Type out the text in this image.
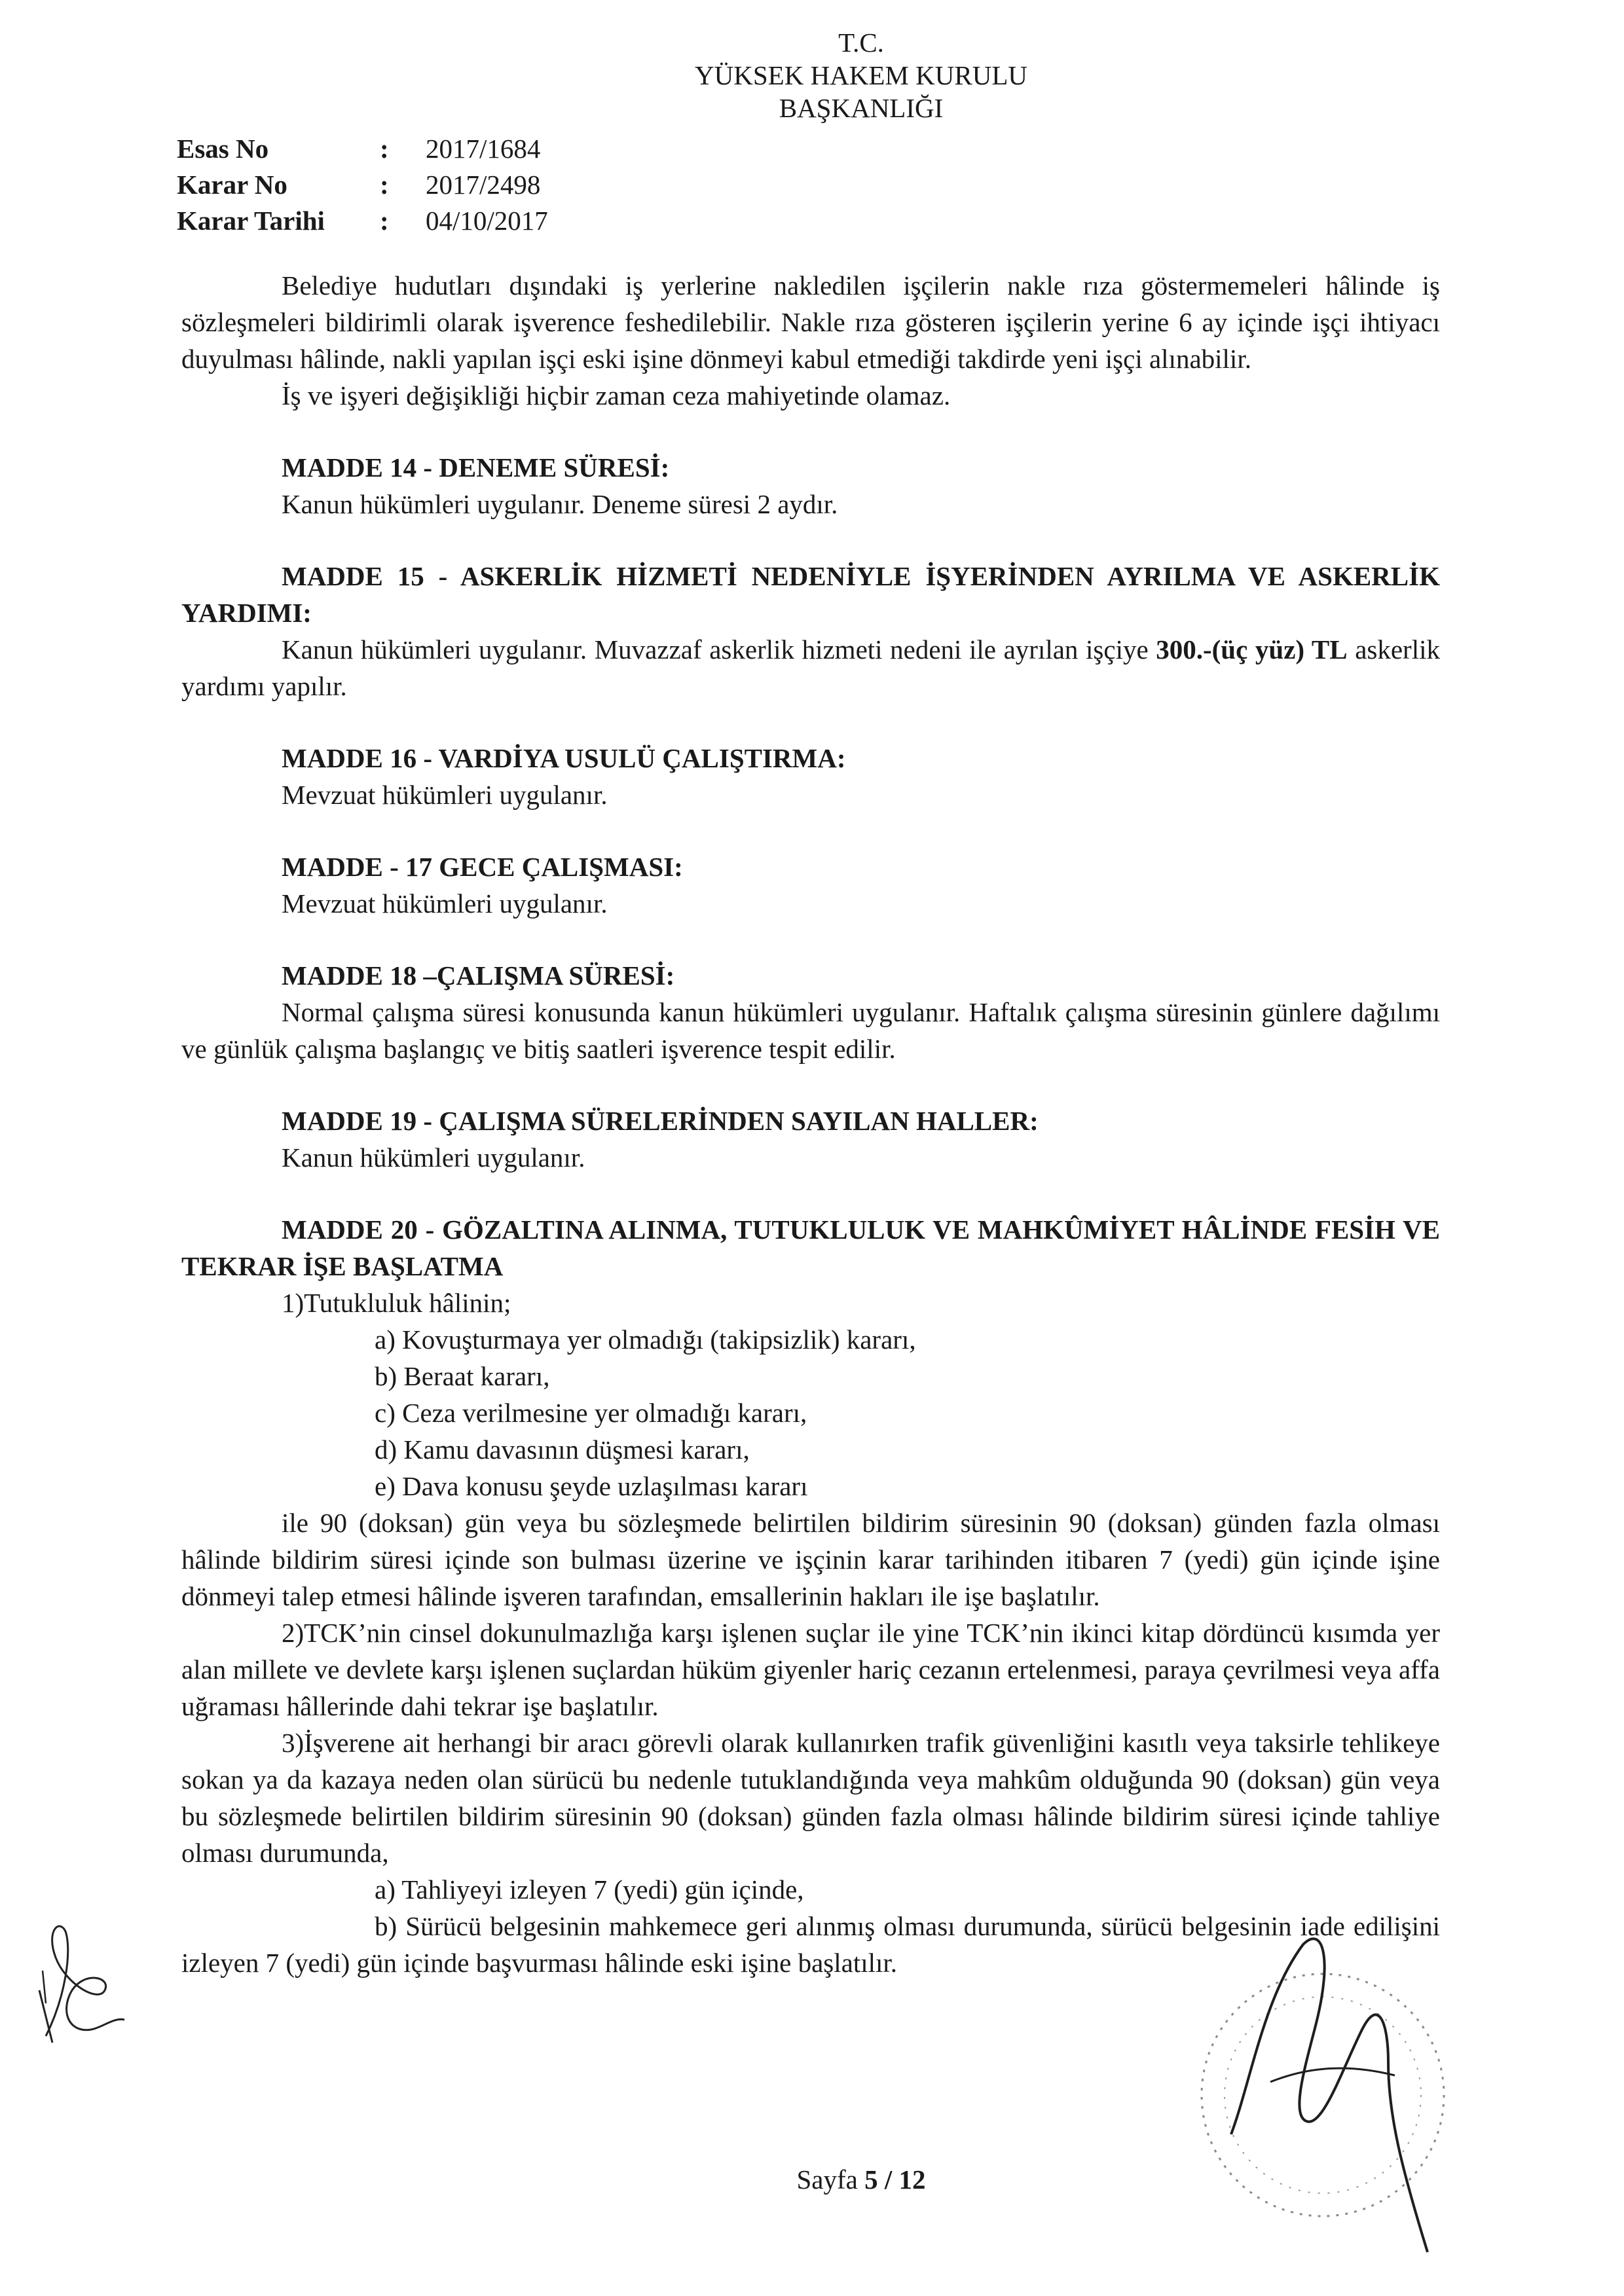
T.C.
YÜKSEK HAKEM KURULU
BAŞKANLIĞI
Esas No	:	2017/1684
Karar No	:	2017/2498
Karar Tarihi	:	04/10/2017

Belediye hudutları dışındaki iş yerlerine nakledilen işçilerin nakle rıza göstermemeleri hâlinde iş sözleşmeleri bildirimli olarak işverence feshedilebilir. Nakle rıza gösteren işçilerin yerine 6 ay içinde işçi ihtiyacı duyulması hâlinde, nakli yapılan işçi eski işine dönmeyi kabul etmediği takdirde yeni işçi alınabilir.

İş ve işyeri değişikliği hiçbir zaman ceza mahiyetinde olamaz.

MADDE 14 - DENEME SÜRESİ:

Kanun hükümleri uygulanır. Deneme süresi 2 aydır.

MADDE 15 - ASKERLİK HİZMETİ NEDENİYLE İŞYERİNDEN AYRILMA VE ASKERLİK YARDIMI:

Kanun hükümleri uygulanır. Muvazzaf askerlik hizmeti nedeni ile ayrılan işçiye 300.-(üç yüz) TL askerlik yardımı yapılır.

MADDE 16 - VARDİYA USULÜ ÇALIŞTIRMA:

Mevzuat hükümleri uygulanır.

MADDE - 17 GECE ÇALIŞMASI:

Mevzuat hükümleri uygulanır.

MADDE 18 –ÇALIŞMA SÜRESİ:

Normal çalışma süresi konusunda kanun hükümleri uygulanır. Haftalık çalışma süresinin günlere dağılımı ve günlük çalışma başlangıç ve bitiş saatleri işverence tespit edilir.

MADDE 19 - ÇALIŞMA SÜRELERİNDEN SAYILAN HALLER:

Kanun hükümleri uygulanır.

MADDE 20 - GÖZALTINA ALINMA, TUTUKLULUK VE MAHKÛMİYET HÂLİNDE FESİH VE TEKRAR İŞE BAŞLATMA

1)Tutukluluk hâlinin;

a) Kovuşturmaya yer olmadığı (takipsizlik) kararı,

b) Beraat kararı,

c) Ceza verilmesine yer olmadığı kararı,

d) Kamu davasının düşmesi kararı,

e) Dava konusu şeyde uzlaşılması kararı

ile 90 (doksan) gün veya bu sözleşmede belirtilen bildirim süresinin 90 (doksan) günden fazla olması hâlinde bildirim süresi içinde son bulması üzerine ve işçinin karar tarihinden itibaren 7 (yedi) gün içinde işine dönmeyi talep etmesi hâlinde işveren tarafından, emsallerinin hakları ile işe başlatılır.

2)TCK’nin cinsel dokunulmazlığa karşı işlenen suçlar ile yine TCK’nin ikinci kitap dördüncü kısımda yer alan millete ve devlete karşı işlenen suçlardan hüküm giyenler hariç cezanın ertelenmesi, paraya çevrilmesi veya affa uğraması hâllerinde dahi tekrar işe başlatılır.

3)İşverene ait herhangi bir aracı görevli olarak kullanırken trafik güvenliğini kasıtlı veya taksirle tehlikeye sokan ya da kazaya neden olan sürücü bu nedenle tutuklandığında veya mahkûm olduğunda 90 (doksan) gün veya bu sözleşmede belirtilen bildirim süresinin 90 (doksan) günden fazla olması hâlinde bildirim süresi içinde tahliye olması durumunda,

a) Tahliyeyi izleyen 7 (yedi) gün içinde,

b) Sürücü belgesinin mahkemece geri alınmış olması durumunda, sürücü belgesinin iade edilişini izleyen 7 (yedi) gün içinde başvurması hâlinde eski işine başlatılır.

Sayfa 5 / 12
